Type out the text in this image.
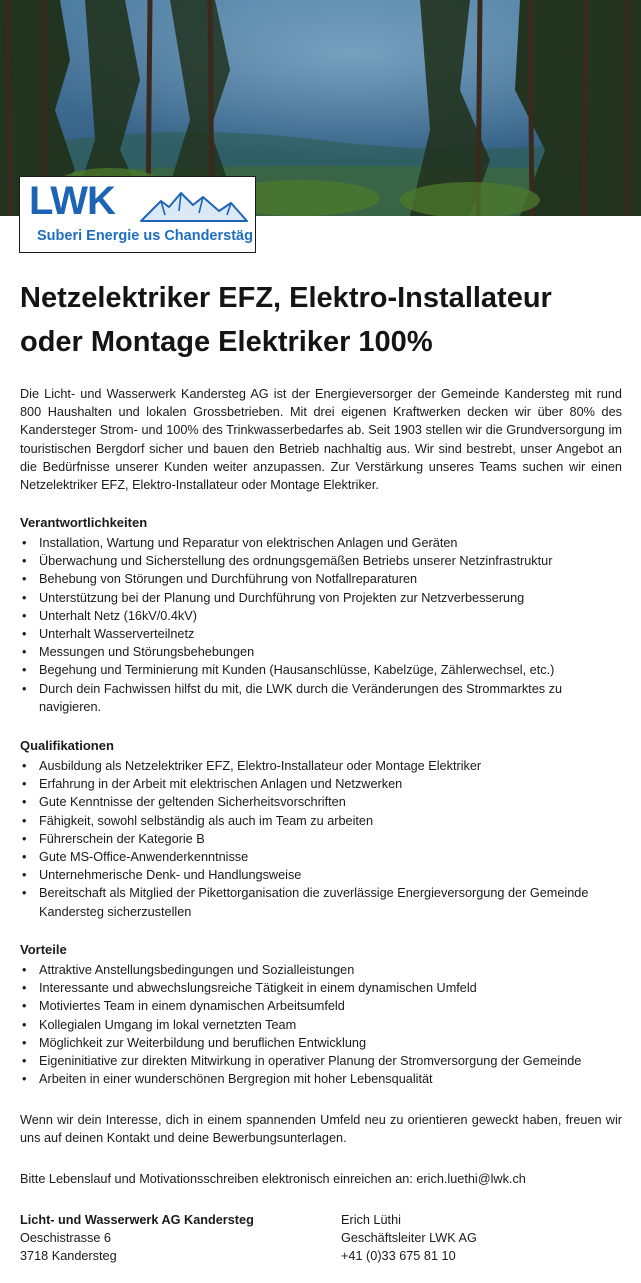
LWK
Suberi Energie us Chanderstäg
Netzelektriker EFZ, Elektro-Installateur
oder Montage Elektriker 100%
Die Licht- und Wasserwerk Kandersteg AG ist der Energieversorger der Gemeinde Kandersteg mit rund 800 Haushalten und lokalen Grossbetrieben. Mit drei eigenen Kraftwerken decken wir über 80% des Kandersteger Strom- und 100% des Trinkwasserbedarfes ab. Seit 1903 stellen wir die Grundversorgung im touristischen Bergdorf sicher und bauen den Betrieb nachhaltig aus. Wir sind bestrebt, unser Angebot an die Bedürfnisse unserer Kunden weiter anzupassen. Zur Verstärkung unseres Teams suchen wir einen Netzelektriker EFZ, Elektro-Installateur oder Montage Elektriker.
Verantwortlichkeiten
• Installation, Wartung und Reparatur von elektrischen Anlagen und Geräten
• Überwachung und Sicherstellung des ordnungsgemäßen Betriebs unserer Netzinfrastruktur
• Behebung von Störungen und Durchführung von Notfallreparaturen
• Unterstützung bei der Planung und Durchführung von Projekten zur Netzverbesserung
• Unterhalt Netz (16kV/0.4kV)
• Unterhalt Wasserverteilnetz
• Messungen und Störungsbehebungen
• Begehung und Terminierung mit Kunden (Hausanschlüsse, Kabelzüge, Zählerwechsel, etc.)
• Durch dein Fachwissen hilfst du mit, die LWK durch die Veränderungen des Strommarktes zu navigieren.
Qualifikationen
• Ausbildung als Netzelektriker EFZ, Elektro-Installateur oder Montage Elektriker
• Erfahrung in der Arbeit mit elektrischen Anlagen und Netzwerken
• Gute Kenntnisse der geltenden Sicherheitsvorschriften
• Fähigkeit, sowohl selbständig als auch im Team zu arbeiten
• Führerschein der Kategorie B
• Gute MS-Office-Anwenderkenntnisse
• Unternehmerische Denk- und Handlungsweise
• Bereitschaft als Mitglied der Pikettorganisation die zuverlässige Energieversorgung der Gemeinde Kandersteg sicherzustellen
Vorteile
• Attraktive Anstellungsbedingungen und Sozialleistungen
• Interessante und abwechslungsreiche Tätigkeit in einem dynamischen Umfeld
• Motiviertes Team in einem dynamischen Arbeitsumfeld
• Kollegialen Umgang im lokal vernetzten Team
• Möglichkeit zur Weiterbildung und beruflichen Entwicklung
• Eigeninitiative zur direkten Mitwirkung in operativer Planung der Stromversorgung der Gemeinde
• Arbeiten in einer wunderschönen Bergregion mit hoher Lebensqualität
Wenn wir dein Interesse, dich in einem spannenden Umfeld neu zu orientieren geweckt haben, freuen wir uns auf deinen Kontakt und deine Bewerbungsunterlagen.
Bitte Lebenslauf und Motivationsschreiben elektronisch einreichen an: erich.luethi@lwk.ch
Licht- und Wasserwerk AG Kandersteg
Oeschistrasse 6
3718 Kandersteg
Erich Lüthi
Geschäftsleiter LWK AG
+41 (0)33 675 81 10
